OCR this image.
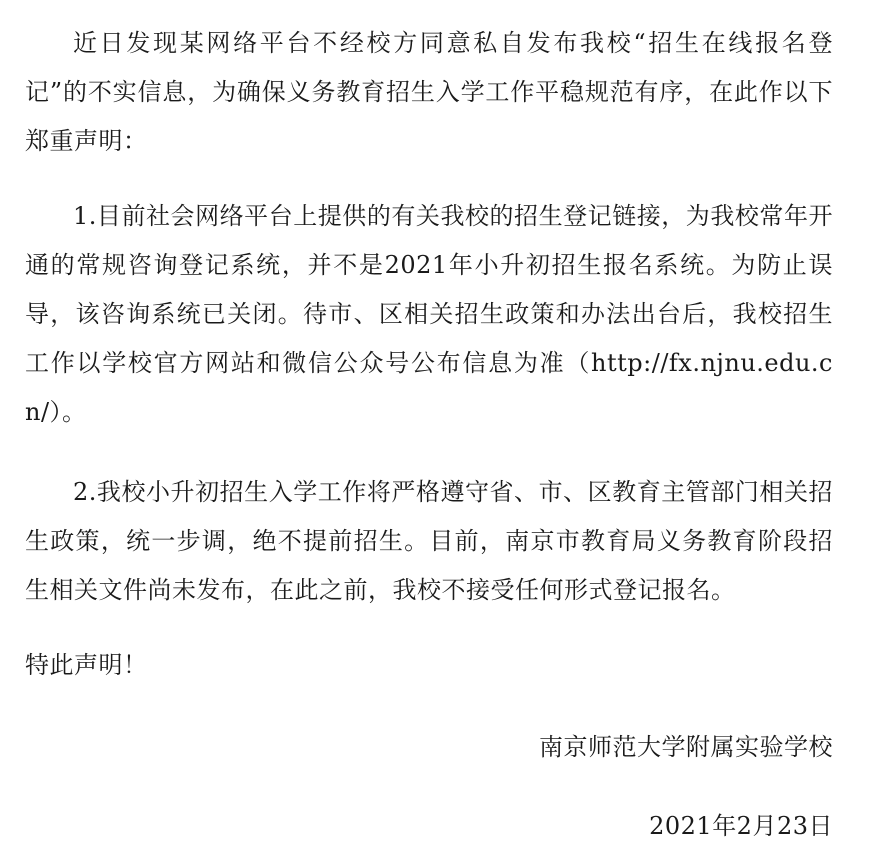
近日发现某网络平台不经校方同意私自发布我校“招生在线报名登记”的不实信息，为确保义务教育招生入学工作平稳规范有序，在此作以下郑重声明：

1.目前社会网络平台上提供的有关我校的招生登记链接，为我校常年开通的常规咨询登记系统，并不是2021年小升初招生报名系统。为防止误导，该咨询系统已关闭。待市、区相关招生政策和办法出台后，我校招生工作以学校官方网站和微信公众号公布信息为准（http://fx.njnu.edu.cn/）。

2.我校小升初招生入学工作将严格遵守省、市、区教育主管部门相关招生政策，统一步调，绝不提前招生。目前，南京市教育局义务教育阶段招生相关文件尚未发布，在此之前，我校不接受任何形式登记报名。

特此声明！

南京师范大学附属实验学校
2021年2月23日
